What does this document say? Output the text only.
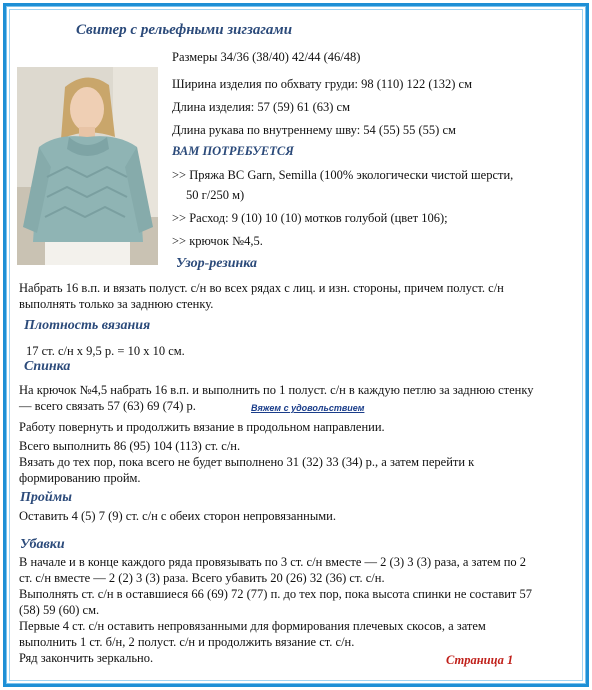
Свитер с рельефными зигзагами
Размеры 34/36 (38/40) 42/44 (46/48)
Ширина изделия по обхвату груди: 98 (110) 122 (132) см
Длина изделия: 57 (59) 61 (63) см
Длина рукава по внутреннему шву: 54 (55) 55 (55) см
ВАМ ПОТРЕБУЕТСЯ
>> Пряжа BC Garn, Semilla (100% экологически чистой шерсти,
50 г/250 м)
>> Расход: 9 (10) 10 (10) мотков голубой (цвет 106);
>> крючок №4,5.
Узор-резинка
Набрать 16 в.п. и вязать полуст. с/н во всех рядах с лиц. и изн. стороны, причем полуст. с/н
выполнять только за заднюю стенку.
Плотность вязания
17 ст. с/н х 9,5 р. = 10 х 10 см.
Спинка
На крючок №4,5 набрать 16 в.п. и выполнить по 1 полуст. с/н в каждую петлю за заднюю стенку
— всего связать 57 (63) 69 (74) р.	Вяжем с удовольствием
Работу повернуть и продолжить вязание в продольном направлении.
Всего выполнить 86 (95) 104 (113) ст. с/н.
Вязать до тех пор, пока всего не будет выполнено 31 (32) 33 (34) р., а затем перейти к
формированию пройм.
Проймы
Оставить 4 (5) 7 (9) ст. с/н с обеих сторон непровязанными.
Убавки
В начале и в конце каждого ряда провязывать по 3 ст. с/н вместе — 2 (3) 3 (3) раза, а затем по 2
ст. с/н вместе — 2 (2) 3 (3) раза. Всего убавить 20 (26) 32 (36) ст. с/н.
Выполнять ст. с/н в оставшиеся 66 (69) 72 (77) п. до тех пор, пока высота спинки не составит 57
(58) 59 (60) см.
Первые 4 ст. с/н оставить непровязанными для формирования плечевых скосов, а затем
выполнить 1 ст. б/н, 2 полуст. с/н и продолжить вязание ст. с/н.
Ряд закончить зеркально.	Страница 1
